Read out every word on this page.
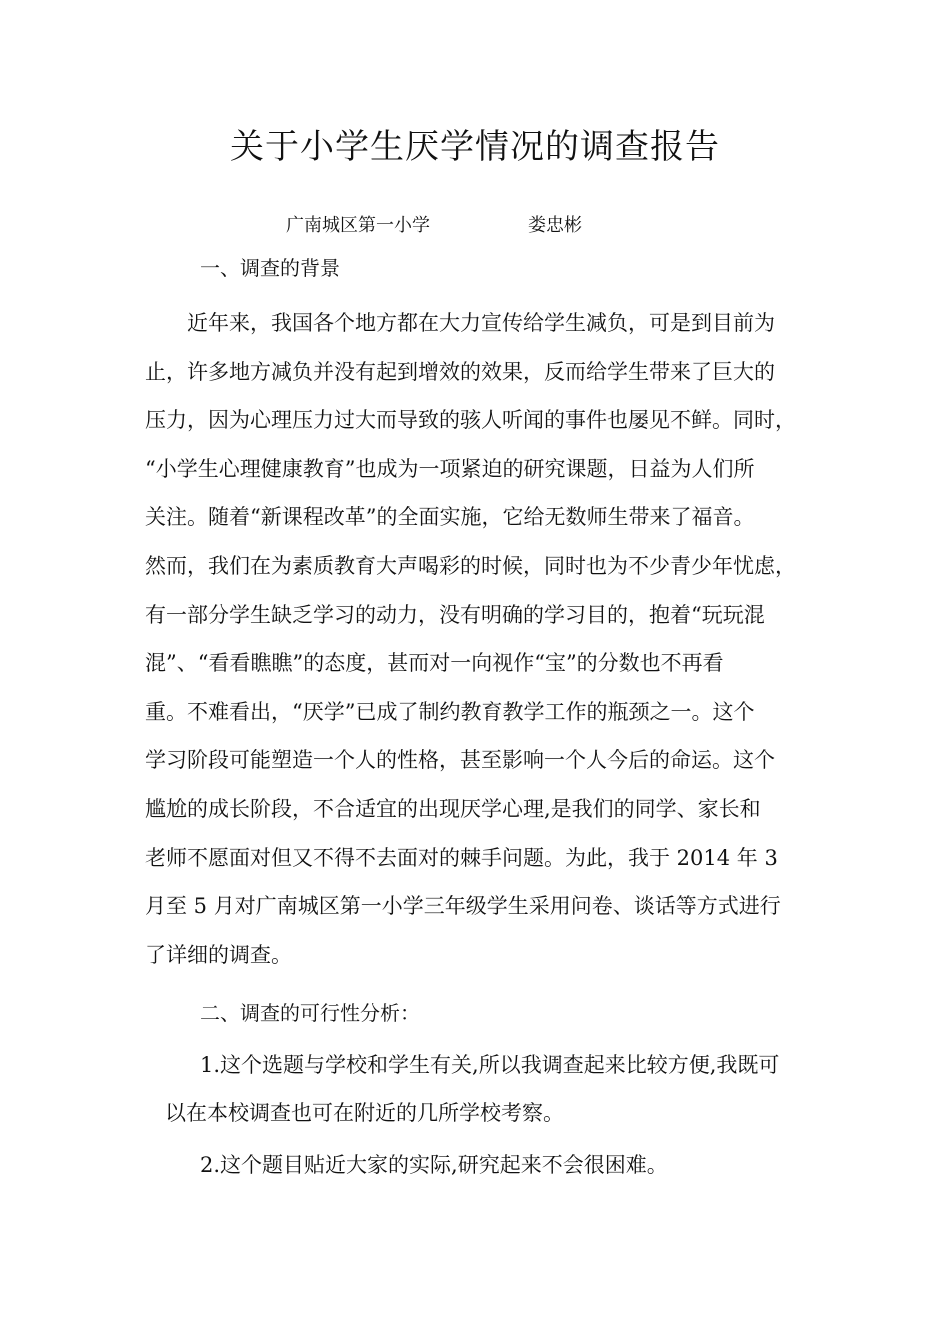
关于小学生厌学情况的调查报告
广南城区第一小学	娄忠彬
一、调查的背景
近年来，我国各个地方都在大力宣传给学生减负，可是到目前为
止，许多地方减负并没有起到增效的效果，反而给学生带来了巨大的
压力，因为心理压力过大而导致的骇人听闻的事件也屡见不鲜。同时，
“小学生心理健康教育”也成为一项紧迫的研究课题，日益为人们所
关注。随着“新课程改革”的全面实施，它给无数师生带来了福音。
然而，我们在为素质教育大声喝彩的时候，同时也为不少青少年忧虑，
有一部分学生缺乏学习的动力，没有明确的学习目的，抱着“玩玩混
混”、“看看瞧瞧”的态度，甚而对一向视作“宝”的分数也不再看
重。不难看出，“厌学”已成了制约教育教学工作的瓶颈之一。这个
学习阶段可能塑造一个人的性格，甚至影响一个人今后的命运。这个
尴尬的成长阶段，不合适宜的出现厌学心理,是我们的同学、家长和
老师不愿面对但又不得不去面对的棘手问题。为此，我于 2014 年 3
月至 5 月对广南城区第一小学三年级学生采用问卷、谈话等方式进行
了详细的调查。
二、调查的可行性分析：

1.这个选题与学校和学生有关,所以我调查起来比较方便,我既可

以在本校调查也可在附近的几所学校考察。

2.这个题目贴近大家的实际,研究起来不会很困难。
